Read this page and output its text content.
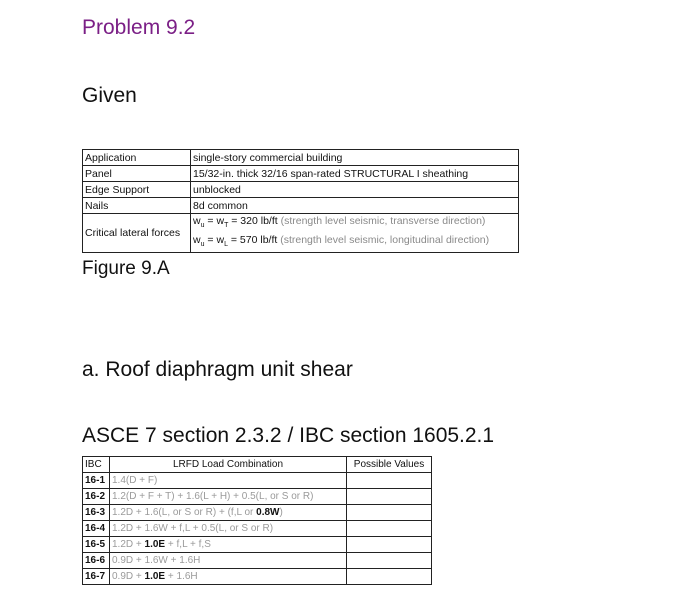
Problem 9.2
Given
Application	single-story commercial building
Panel	15/32-in. thick 32/16 span-rated STRUCTURAL I sheathing
Edge Support	unblocked
Nails	8d common
Critical lateral forces	$w_u = w_T = 320$ lb/ft (strength level seismic, transverse direction)
$w_u = w_L = 570$ lb/ft (strength level seismic, longitudinal direction)
Figure 9.A
a. Roof diaphragm unit shear
ASCE 7 section 2.3.2 / IBC section 1605.2.1
IBC	LRFD Load Combination	Possible Values
16-1	1.4(D + F)	
16-2	1.2(D + F + T) + 1.6(L + H) + 0.5(L, or S or R)	
16-3	1.2D + 1.6(L, or S or R) + (f,L or 0.8W)	
16-4	1.2D + 1.6W + f,L + 0.5(L, or S or R)	
16-5	1.2D + 1.0E + f,L + f,S	
16-6	0.9D + 1.6W + 1.6H	
16-7	0.9D + 1.0E + 1.6H	
